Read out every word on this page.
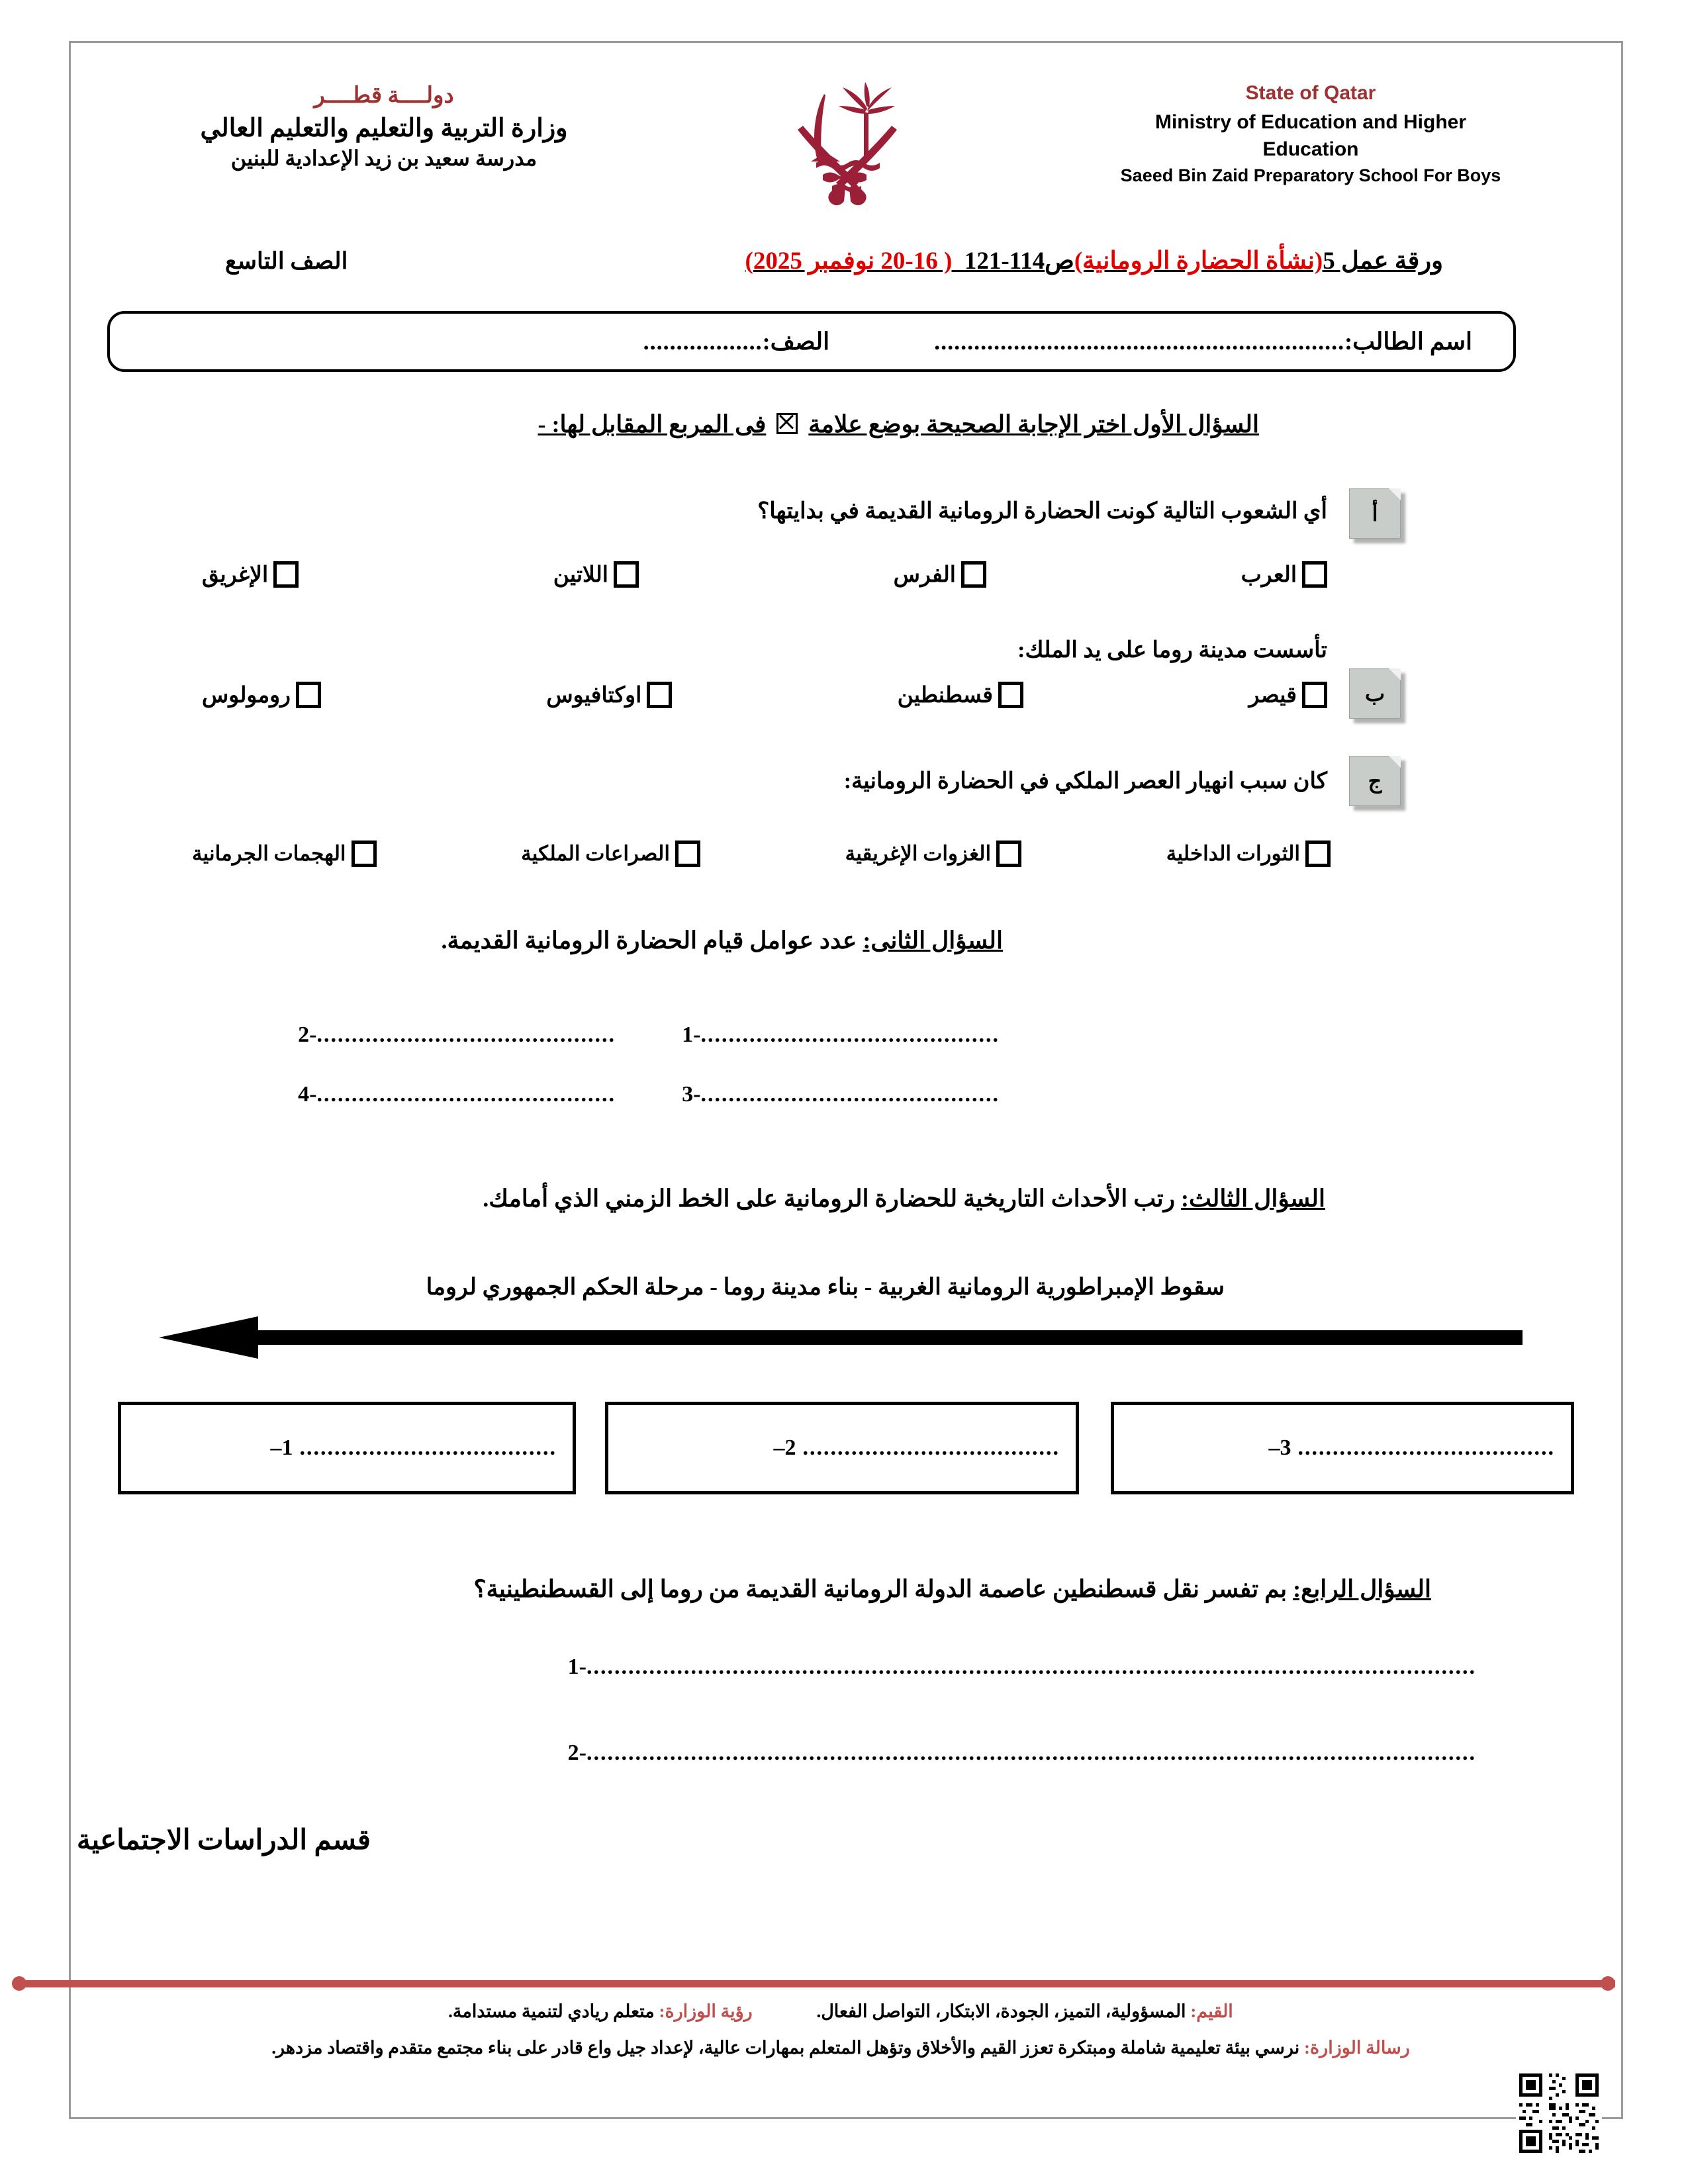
دولــــة قطــــر
وزارة التربية والتعليم والتعليم العالي
مدرسة سعيد بن زيد الإعدادية للبنين
State of Qatar
Ministry of Education and Higher
Education
Saeed Bin Zaid Preparatory School For Boys
ورقة عمل 5(نشأة الحضارة الرومانية)ص114-121  ( 16-20 نوفمبر 2025)
الصف التاسع
اسم الطالب:
..............................................................
الصف:
..................
السؤال الأول اختر الإجابة الصحيحة بوضع علامةفى المربع المقابل لها: -
أ
أي الشعوب التالية كونت الحضارة الرومانية القديمة في بدايتها؟
العرب
الفرس
اللاتين
الإغريق
ب
تأسست مدينة روما على يد الملك:
قيصر
قسطنطين
اوكتافيوس
رومولوس
ج
كان سبب انهيار العصر الملكي في الحضارة الرومانية:
الثورات الداخلية
الغزوات الإغريقية
الصراعات الملكية
الهجمات الجرمانية
السؤال الثانى: عدد عوامل قيام الحضارة الرومانية القديمة.
...........................................-1
...........................................-2
...........................................-3
...........................................-4
السؤال الثالث: رتب الأحداث التاريخية للحضارة الرومانية على الخط الزمني الذي أمامك.
سقوط الإمبراطورية الرومانية الغربية - بناء مدينة روما - مرحلة الحكم الجمهوري لروما
.....................................
1–	.....................................
2–	.....................................
3–
السؤال الرابع: بم تفسر نقل قسطنطين عاصمة الدولة الرومانية القديمة من روما إلى القسطنطينية؟
................................................................................................................................-1
................................................................................................................................-2
قسم الدراسات الاجتماعية
القيم: المسؤولية، التميز، الجودة، الابتكار، التواصل الفعال. رؤية الوزارة: متعلم ريادي لتنمية مستدامة.
رسالة الوزارة: نرسي بيئة تعليمية شاملة ومبتكرة تعزز القيم والأخلاق وتؤهل المتعلم بمهارات عالية، لإعداد جيل واع قادر على بناء مجتمع متقدم واقتصاد مزدهر.
